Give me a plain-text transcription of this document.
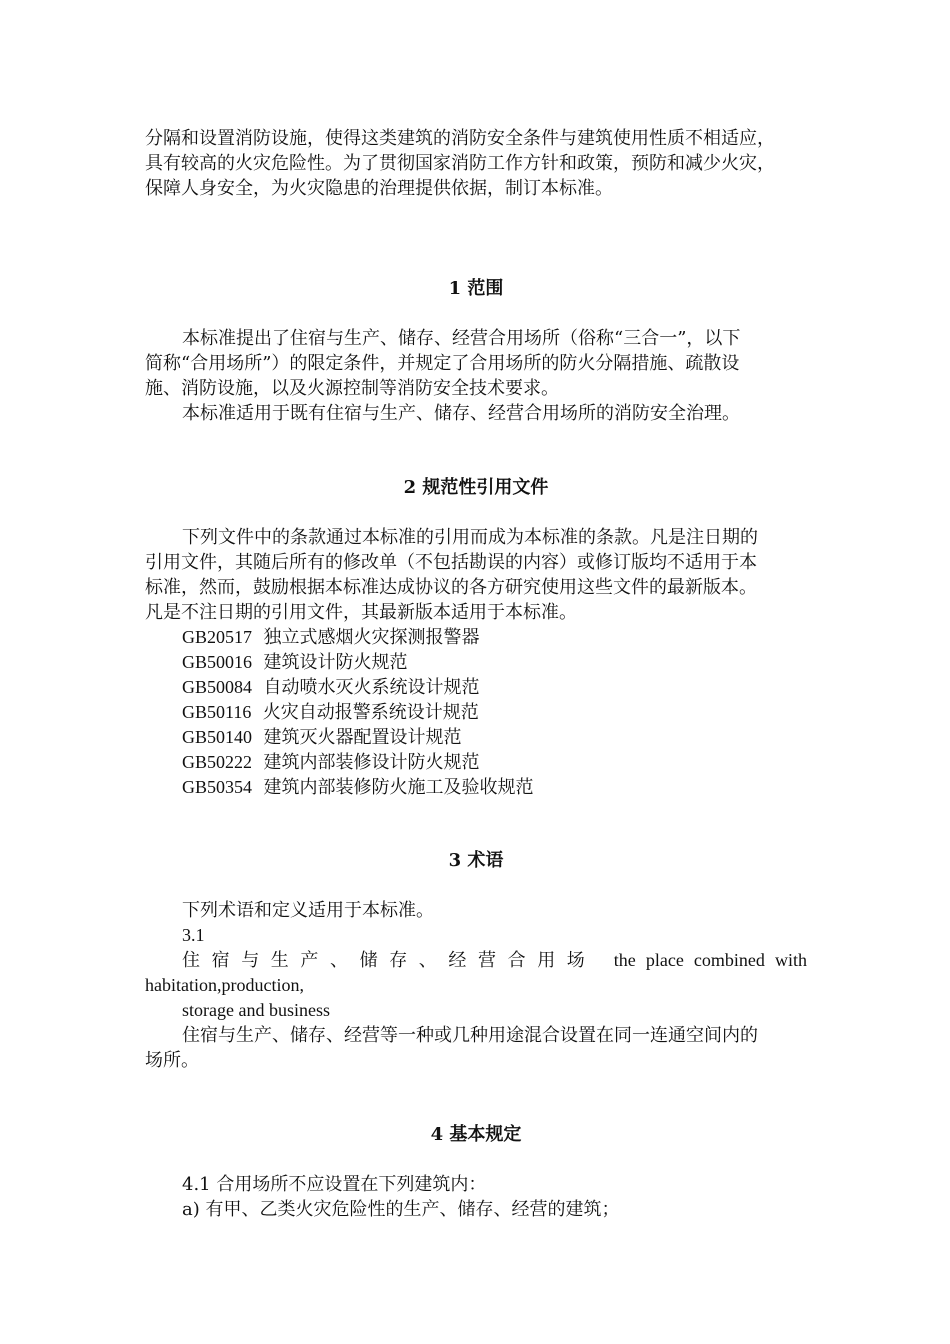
分隔和设置消防设施，使得这类建筑的消防安全条件与建筑使用性质不相适应，
具有较高的火灾危险性。为了贯彻国家消防工作方针和政策，预防和减少火灾，
保障人身安全，为火灾隐患的治理提供依据，制订本标准。
1 范围
本标准提出了住宿与生产、储存、经营合用场所（俗称“三合一”，以下
简称“合用场所”）的限定条件，并规定了合用场所的防火分隔措施、疏散设
施、消防设施，以及火源控制等消防安全技术要求。
本标准适用于既有住宿与生产、储存、经营合用场所的消防安全治理。
2 规范性引用文件
下列文件中的条款通过本标准的引用而成为本标准的条款。凡是注日期的
引用文件，其随后所有的修改单（不包括勘误的内容）或修订版均不适用于本
标准，然而，鼓励根据本标准达成协议的各方研究使用这些文件的最新版本。
凡是不注日期的引用文件，其最新版本适用于本标准。
GB20517 独立式感烟火灾探测报警器
GB50016 建筑设计防火规范
GB50084 自动喷水灭火系统设计规范
GB50116 火灾自动报警系统设计规范
GB50140 建筑灭火器配置设计规范
GB50222 建筑内部装修设计防火规范
GB50354 建筑内部装修防火施工及验收规范
3 术语
下列术语和定义适用于本标准。
3.1
住宿与生产、储存、经营合用场 the place combined with
habitation,production,
storage and business
住宿与生产、储存、经营等一种或几种用途混合设置在同一连通空间内的
场所。
4 基本规定
4.1 合用场所不应设置在下列建筑内：
a) 有甲、乙类火灾危险性的生产、储存、经营的建筑；
